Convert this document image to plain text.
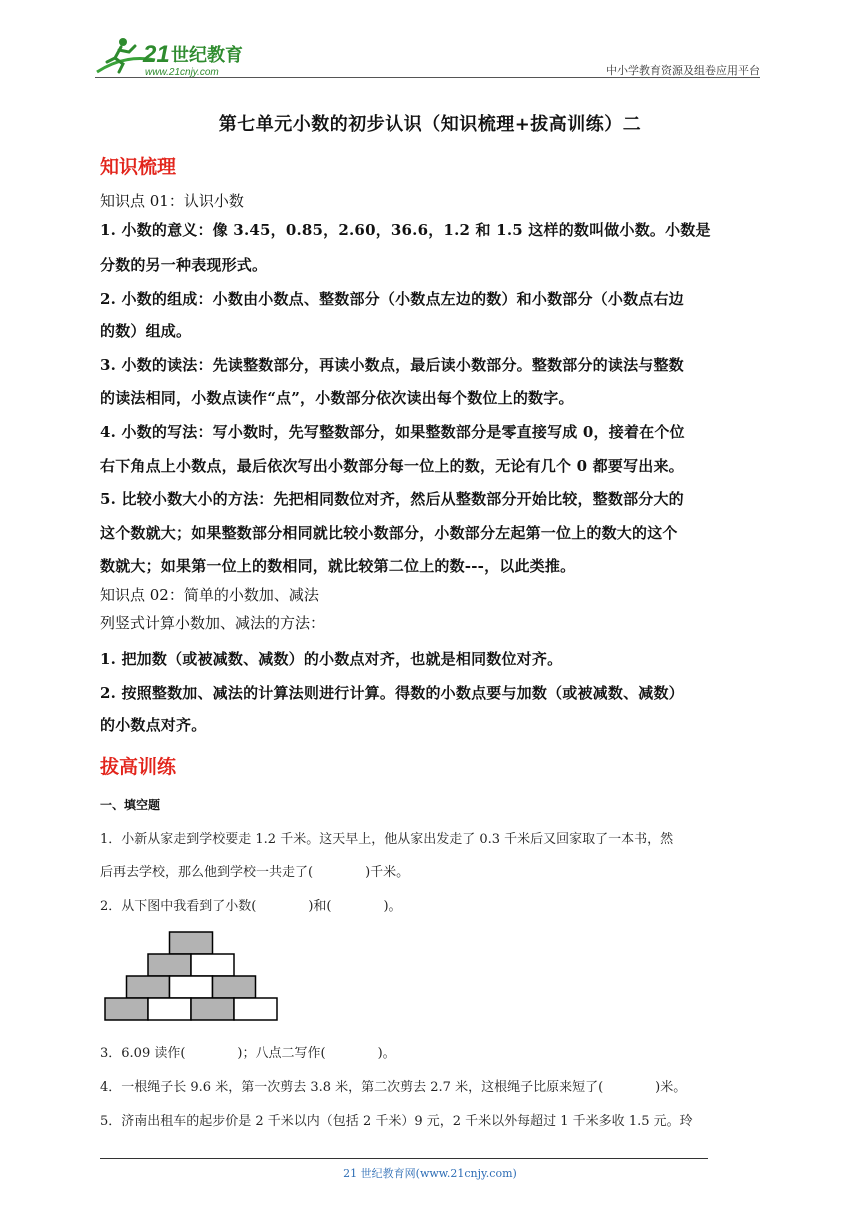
21 世纪教育
www.21cnjy.com	中小学教育资源及组卷应用平台
第七单元小数的初步认识（知识梳理+拔高训练）二
知识梳理
知识点 01：认识小数
1. 小数的意义：像 3.45，0.85，2.60，36.6，1.2 和 1.5 这样的数叫做小数。小数是
分数的另一种表现形式。
2. 小数的组成：小数由小数点、整数部分（小数点左边的数）和小数部分（小数点右边
的数）组成。
3. 小数的读法：先读整数部分，再读小数点，最后读小数部分。整数部分的读法与整数
的读法相同，小数点读作“点”，小数部分依次读出每个数位上的数字。
4. 小数的写法：写小数时，先写整数部分，如果整数部分是零直接写成 0，接着在个位
右下角点上小数点，最后依次写出小数部分每一位上的数，无论有几个 0 都要写出来。
5. 比较小数大小的方法：先把相同数位对齐，然后从整数部分开始比较，整数部分大的
这个数就大；如果整数部分相同就比较小数部分，小数部分左起第一位上的数大的这个
数就大；如果第一位上的数相同，就比较第二位上的数---，以此类推。
知识点 02：简单的小数加、减法
列竖式计算小数加、减法的方法：
1. 把加数（或被减数、减数）的小数点对齐，也就是相同数位对齐。
2. 按照整数加、减法的计算法则进行计算。得数的小数点要与加数（或被减数、减数）
的小数点对齐。
拔高训练
一、填空题
1．小新从家走到学校要走 1.2 千米。这天早上，他从家出发走了 0.3 千米后又回家取了一本书，然
后再去学校，那么他到学校一共走了(　　　　)千米。
2．从下图中我看到了小数(　　　　)和(　　　　)。
3．6.09 读作(　　　　)；八点二写作(　　　　)。
4．一根绳子长 9.6 米，第一次剪去 3.8 米，第二次剪去 2.7 米，这根绳子比原来短了(　　　　)米。
5．济南出租车的起步价是 2 千米以内（包括 2 千米）9 元，2 千米以外每超过 1 千米多收 1.5 元。玲
21 世纪教育网(www.21cnjy.com)
